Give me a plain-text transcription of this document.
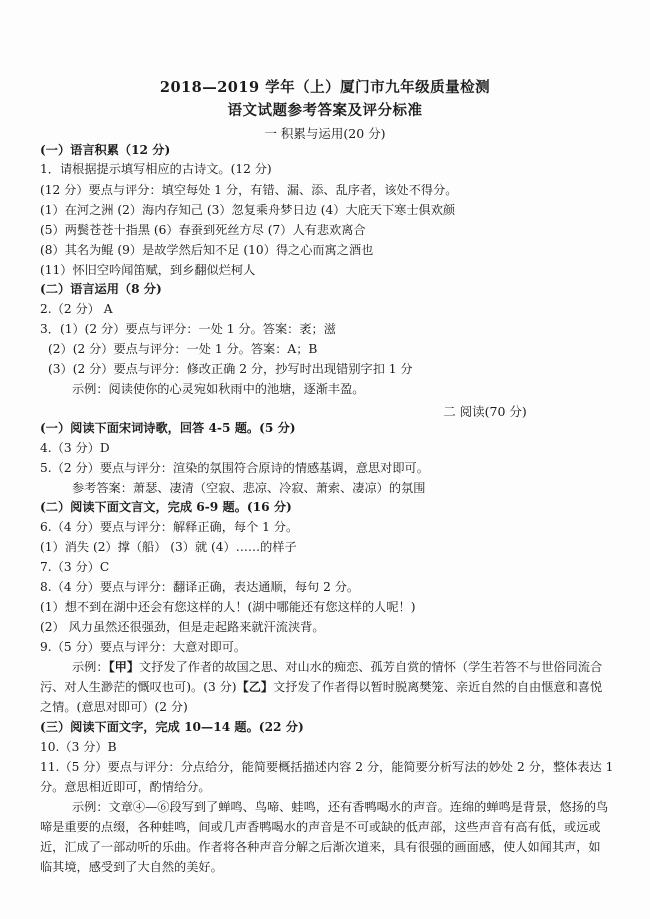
2018—2019 学年（上）厦门市九年级质量检测
语文试题参考答案及评分标准
一 积累与运用(20 分)
(一）语言积累（12 分)
1．请根据提示填写相应的古诗文。(12 分)
(12 分）要点与评分：填空每处 1 分，有错、漏、添、乱序者，该处不得分。
(1）在河之洲 (2）海内存知己 (3）忽复乘舟梦日边 (4）大庇天下寒士俱欢颜
(5）两鬓苍苍十指黑 (6）春蚕到死丝方尽 (7）人有悲欢离合
(8）其名为鲲 (9）是故学然后知不足 (10）得之心而寓之酒也
(11）怀旧空吟闻笛赋，到乡翻似烂柯人
(二）语言运用（8 分)
2.（2 分） A
3．(1）(2 分）要点与评分：一处 1 分。答案：袤；滋
(2）(2 分）要点与评分：一处 1 分。答案：A；B
(3）(2 分）要点与评分：修改正确 2 分，抄写时出现错别字扣 1 分
示例：阅读使你的心灵宛如秋雨中的池塘，逐渐丰盈。
二 阅读(70 分)
(一）阅读下面宋词诗歌，回答 4-5 题。(5 分)
4.（3 分）D
5.（2 分）要点与评分：渲染的氛围符合原诗的情感基调，意思对即可。
参考答案：萧瑟、凄清（空寂、悲凉、冷寂、萧索、凄凉）的氛围
(二）阅读下面文言文，完成 6-9 题。(16 分)
6.（4 分）要点与评分：解释正确，每个 1 分。
(1）消失 (2）撑（船） (3）就 (4）……的样子
7.（3 分）C
8.（4 分）要点与评分：翻译正确，表达通顺，每句 2 分。
(1）想不到在湖中还会有您这样的人！(湖中哪能还有您这样的人呢！)
(2） 风力虽然还很强劲，但是走起路来就汗流浃背。
9.（5 分）要点与评分：大意对即可。
示例：【甲】文抒发了作者的故国之思、对山水的痴恋、孤芳自赏的情怀（学生若答不与世俗同流合
污、对人生渺茫的慨叹也可)。(3 分)【乙】文抒发了作者得以暂时脱离樊笼、亲近自然的自由惬意和喜悦
之情。(意思对即可）(2 分)
(三）阅读下面文字，完成 10—14 题。(22 分)
10.（3 分）B
11.（5 分）要点与评分：分点给分，能简要概括描述内容 2 分，能简要分析写法的妙处 2 分，整体表达 1
分。意思相近即可，酌情给分。
示例：文章④—⑥段写到了蝉鸣、鸟啼、蛙鸣，还有香鸭喝水的声音。连绵的蝉鸣是背景，悠扬的鸟
啼是重要的点缀，各种蛙鸣，间或几声香鸭喝水的声音是不可或缺的低声部，这些声音有高有低，或远或
近，汇成了一部动听的乐曲。作者将各种声音分解之后渐次道来，具有很强的画面感，使人如闻其声，如
临其境，感受到了大自然的美好。
